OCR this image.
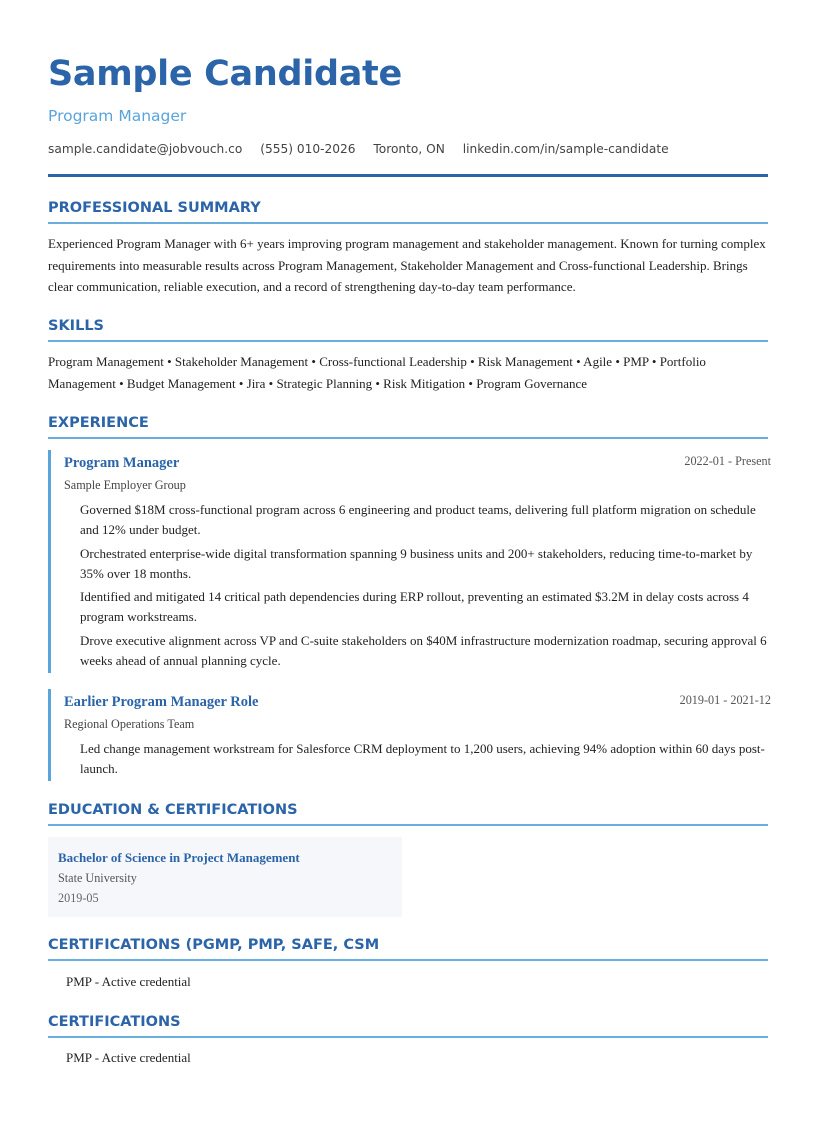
Sample Candidate
Program Manager
sample.candidate@jobvouch.co (555) 010-2026 Toronto, ON linkedin.com/in/sample-candidate
PROFESSIONAL SUMMARY

Experienced Program Manager with 6+ years improving program management and stakeholder management. Known for turning complex requirements into measurable results across Program Management, Stakeholder Management and Cross-functional Leadership. Brings clear communication, reliable execution, and a record of strengthening day-to-day team performance.

SKILLS

Program Management • Stakeholder Management • Cross-functional Leadership • Risk Management • Agile • PMP • Portfolio Management • Budget Management • Jira • Strategic Planning • Risk Mitigation • Program Governance

EXPERIENCE
Program Manager	2022-01 - Present
Sample Employer Group
Governed $18M cross-functional program across 6 engineering and product teams, delivering full platform migration on schedule and 12% under budget.
Orchestrated enterprise-wide digital transformation spanning 9 business units and 200+ stakeholders, reducing time-to-market by 35% over 18 months.
Identified and mitigated 14 critical path dependencies during ERP rollout, preventing an estimated $3.2M in delay costs across 4 program workstreams.
Drove executive alignment across VP and C-suite stakeholders on $40M infrastructure modernization roadmap, securing approval 6 weeks ahead of annual planning cycle.
Earlier Program Manager Role	2019-01 - 2021-12
Regional Operations Team
Led change management workstream for Salesforce CRM deployment to 1,200 users, achieving 94% adoption within 60 days post-launch.
EDUCATION & CERTIFICATIONS
Bachelor of Science in Project Management
State University
2019-05
CERTIFICATIONS (PGMP, PMP, SAFE, CSM
PMP - Active credential
CERTIFICATIONS
PMP - Active credential
